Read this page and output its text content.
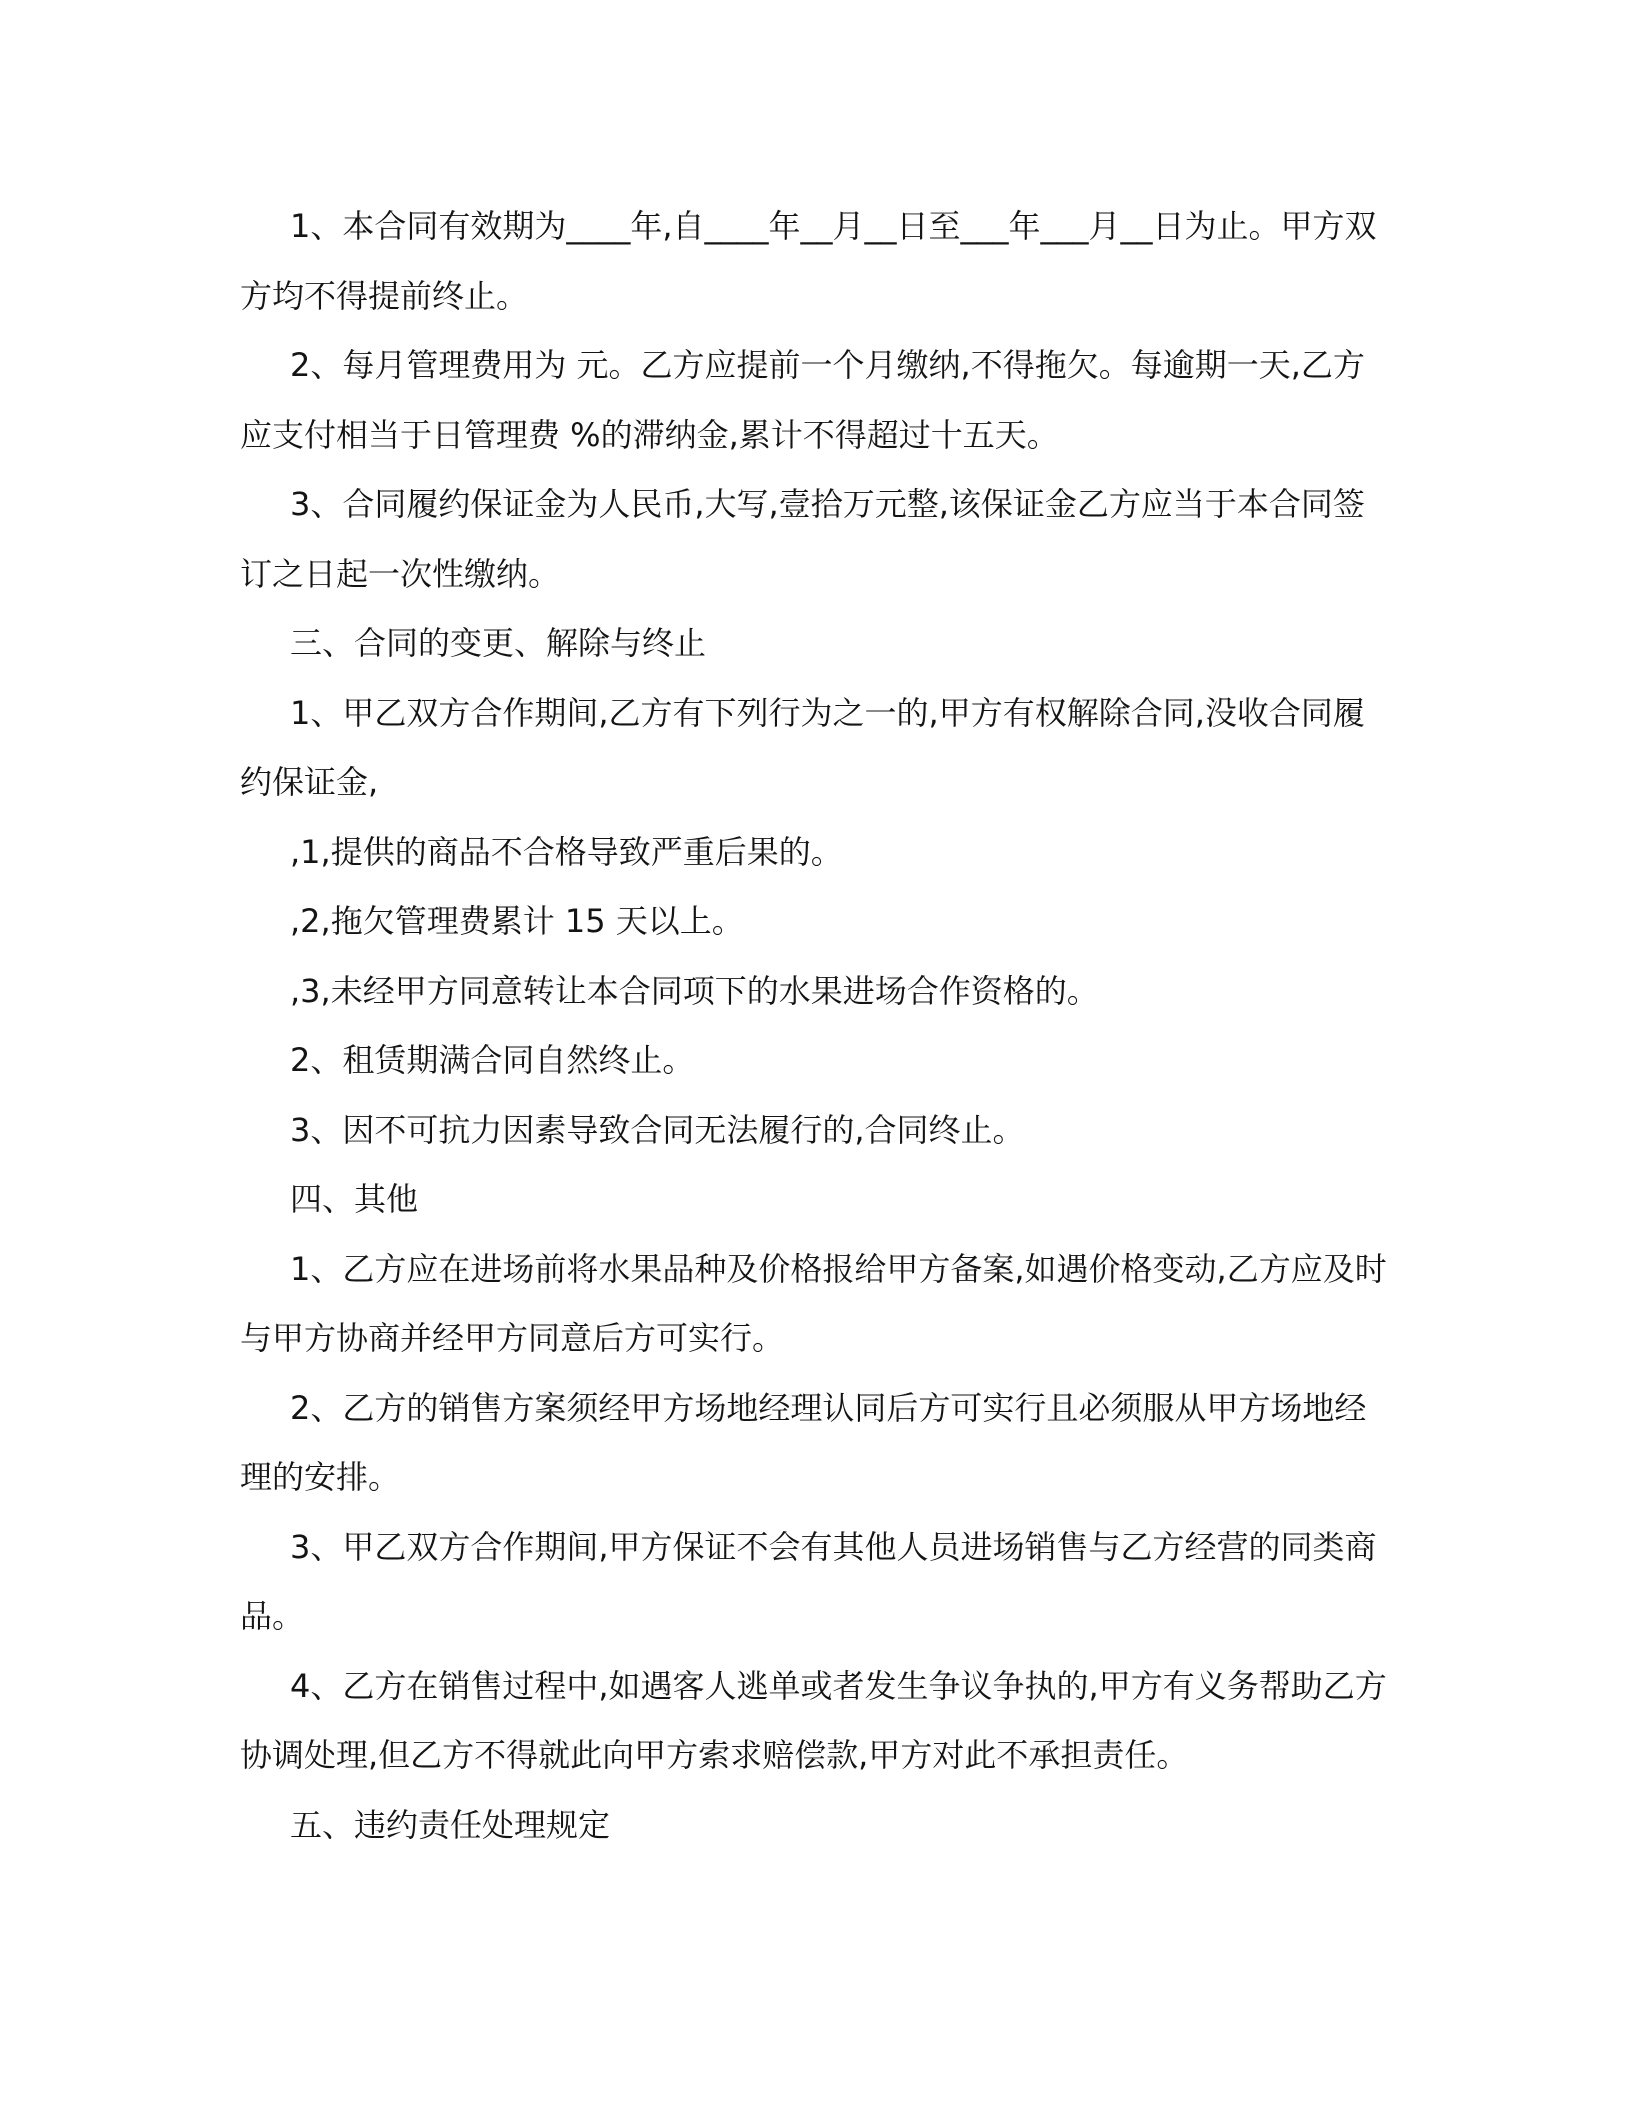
1、本合同有效期为____年,自____年__月__日至___年___月__日为止。甲方双方均不得提前终止。

2、每月管理费用为 元。乙方应提前一个月缴纳,不得拖欠。每逾期一天,乙方应支付相当于日管理费 %的滞纳金,累计不得超过十五天。

3、合同履约保证金为人民币,大写,壹拾万元整,该保证金乙方应当于本合同签订之日起一次性缴纳。

三、合同的变更、解除与终止

1、甲乙双方合作期间,乙方有下列行为之一的,甲方有权解除合同,没收合同履约保证金,

,1,提供的商品不合格导致严重后果的。

,2,拖欠管理费累计 15 天以上。

,3,未经甲方同意转让本合同项下的水果进场合作资格的。

2、租赁期满合同自然终止。

3、因不可抗力因素导致合同无法履行的,合同终止。

四、其他

1、乙方应在进场前将水果品种及价格报给甲方备案,如遇价格变动,乙方应及时与甲方协商并经甲方同意后方可实行。

2、乙方的销售方案须经甲方场地经理认同后方可实行且必须服从甲方场地经理的安排。

3、甲乙双方合作期间,甲方保证不会有其他人员进场销售与乙方经营的同类商品。

4、乙方在销售过程中,如遇客人逃单或者发生争议争执的,甲方有义务帮助乙方协调处理,但乙方不得就此向甲方索求赔偿款,甲方对此不承担责任。

五、违约责任处理规定
